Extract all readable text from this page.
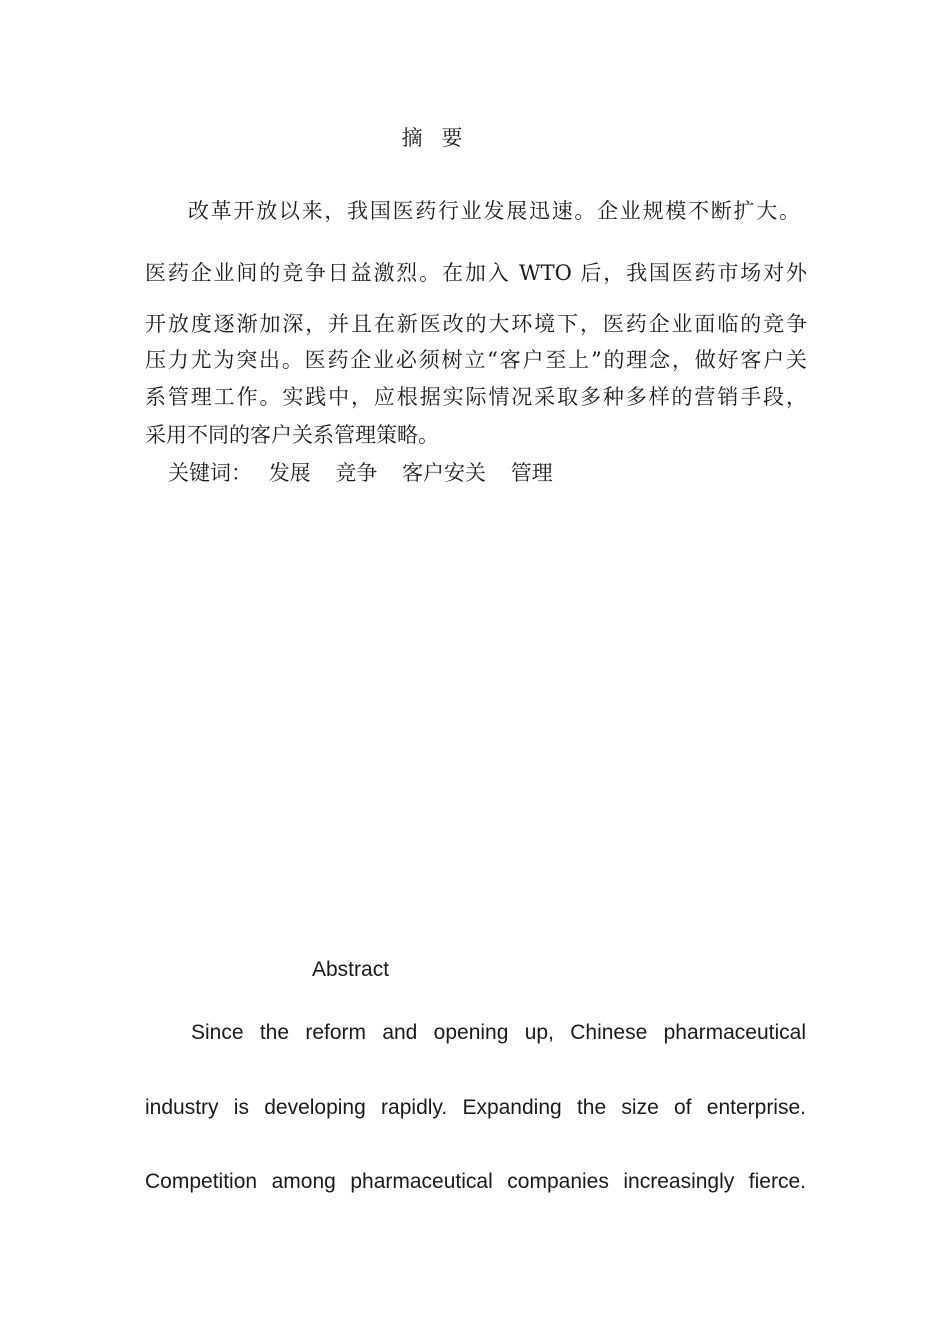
摘 要
改革开放以来，我国医药行业发展迅速。企业规模不断扩大。
医药企业间的竞争日益激烈。在加入 WTO 后，我国医药市场对外
开放度逐渐加深，并且在新医改的大环境下，医药企业面临的竞争
压力尤为突出。医药企业必须树立“客户至上”的理念，做好客户关
系管理工作。实践中，应根据实际情况采取多种多样的营销手段，
采用不同的客户关系管理策略。
关键词： 发展 竞争 客户安关 管理
Abstract
Since the reform and opening up, Chinese pharmaceutical
industry is developing rapidly. Expanding the size of enterprise.
Competition among pharmaceutical companies increasingly fierce.
